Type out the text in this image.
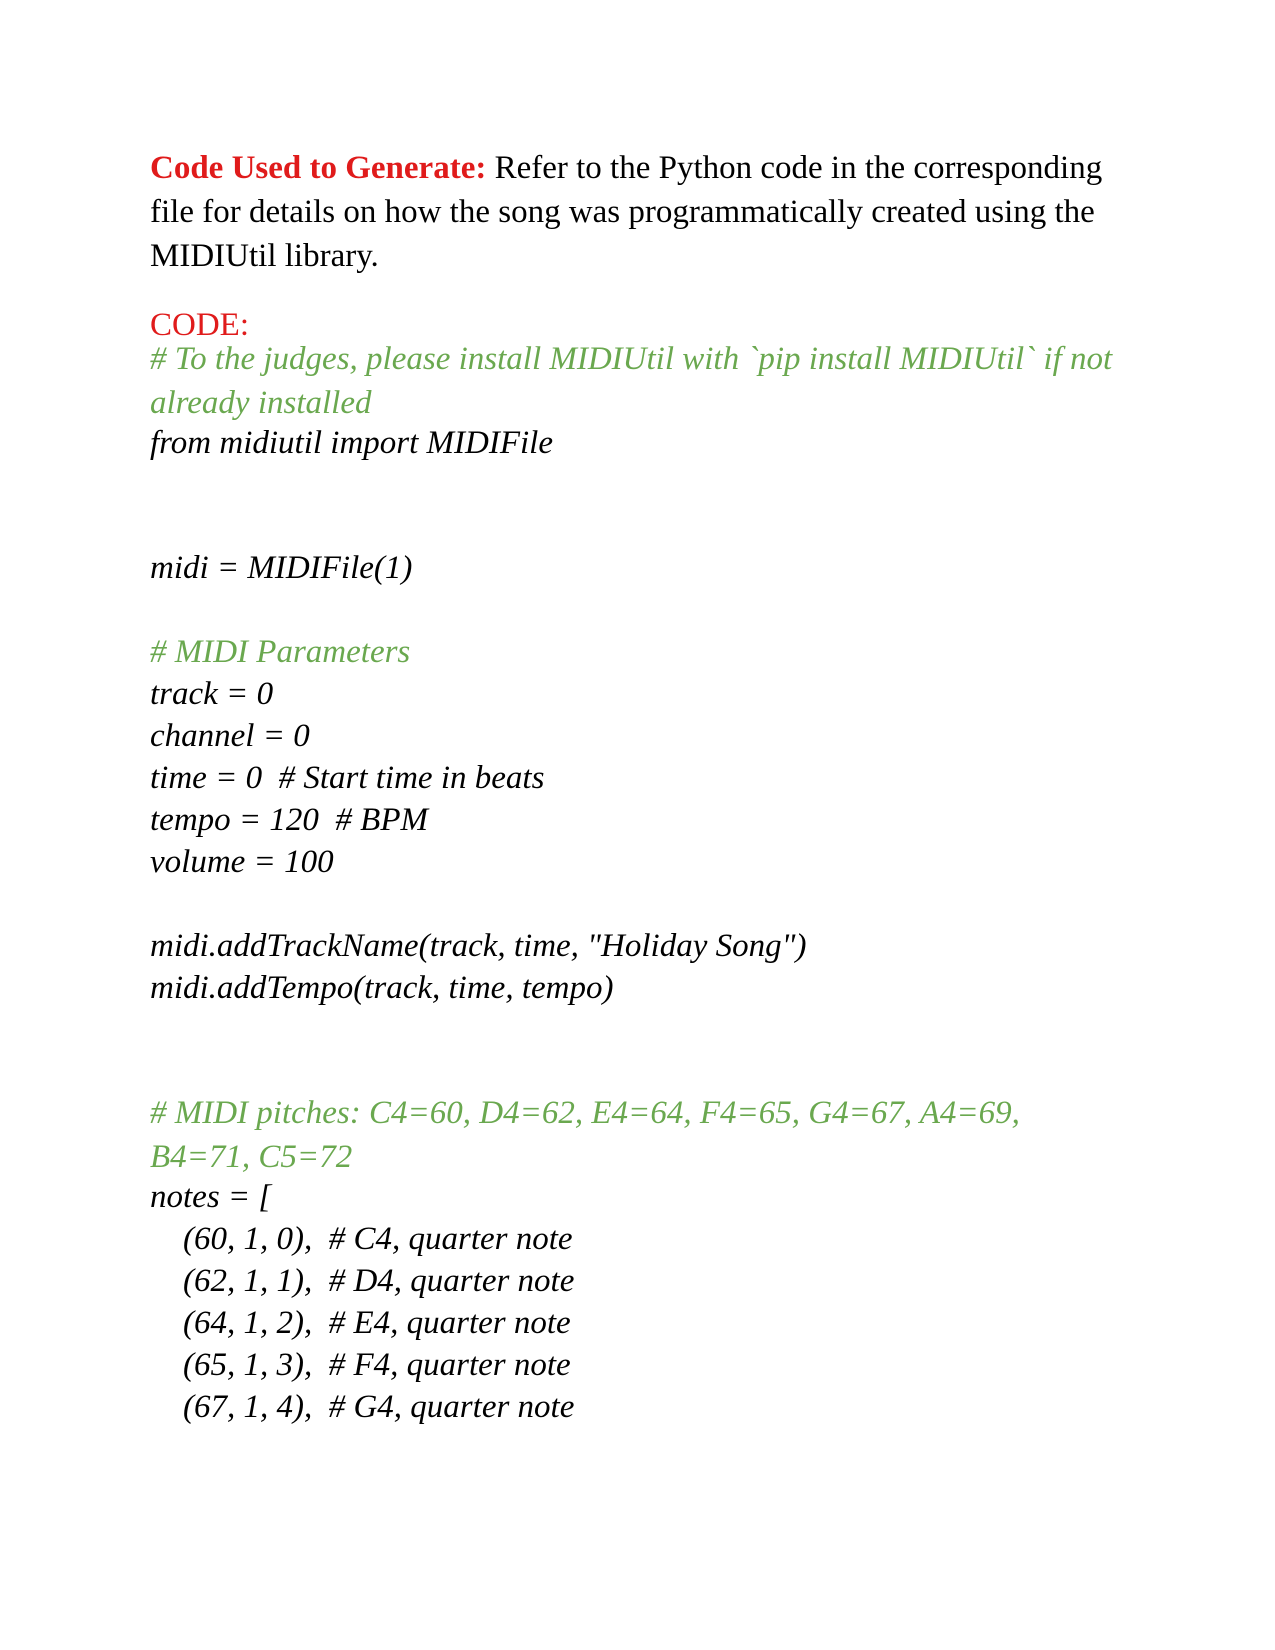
Code Used to Generate: Refer to the Python code in the corresponding file for details on how the song was programmatically created using the MIDIUtil library.

CODE:

# To the judges, please install MIDIUtil with `pip install MIDIUtil` if not already installed

from midiutil import MIDIFile

midi = MIDIFile(1)

# MIDI Parameters

track = 0

channel = 0

time = 0  # Start time in beats

tempo = 120  # BPM

volume = 100

midi.addTrackName(track, time, "Holiday Song")

midi.addTempo(track, time, tempo)

# MIDI pitches: C4=60, D4=62, E4=64, F4=65, G4=67, A4=69, B4=71, C5=72

notes = [

(60, 1, 0),  # C4, quarter note

(62, 1, 1),  # D4, quarter note

(64, 1, 2),  # E4, quarter note

(65, 1, 3),  # F4, quarter note

(67, 1, 4),  # G4, quarter note
